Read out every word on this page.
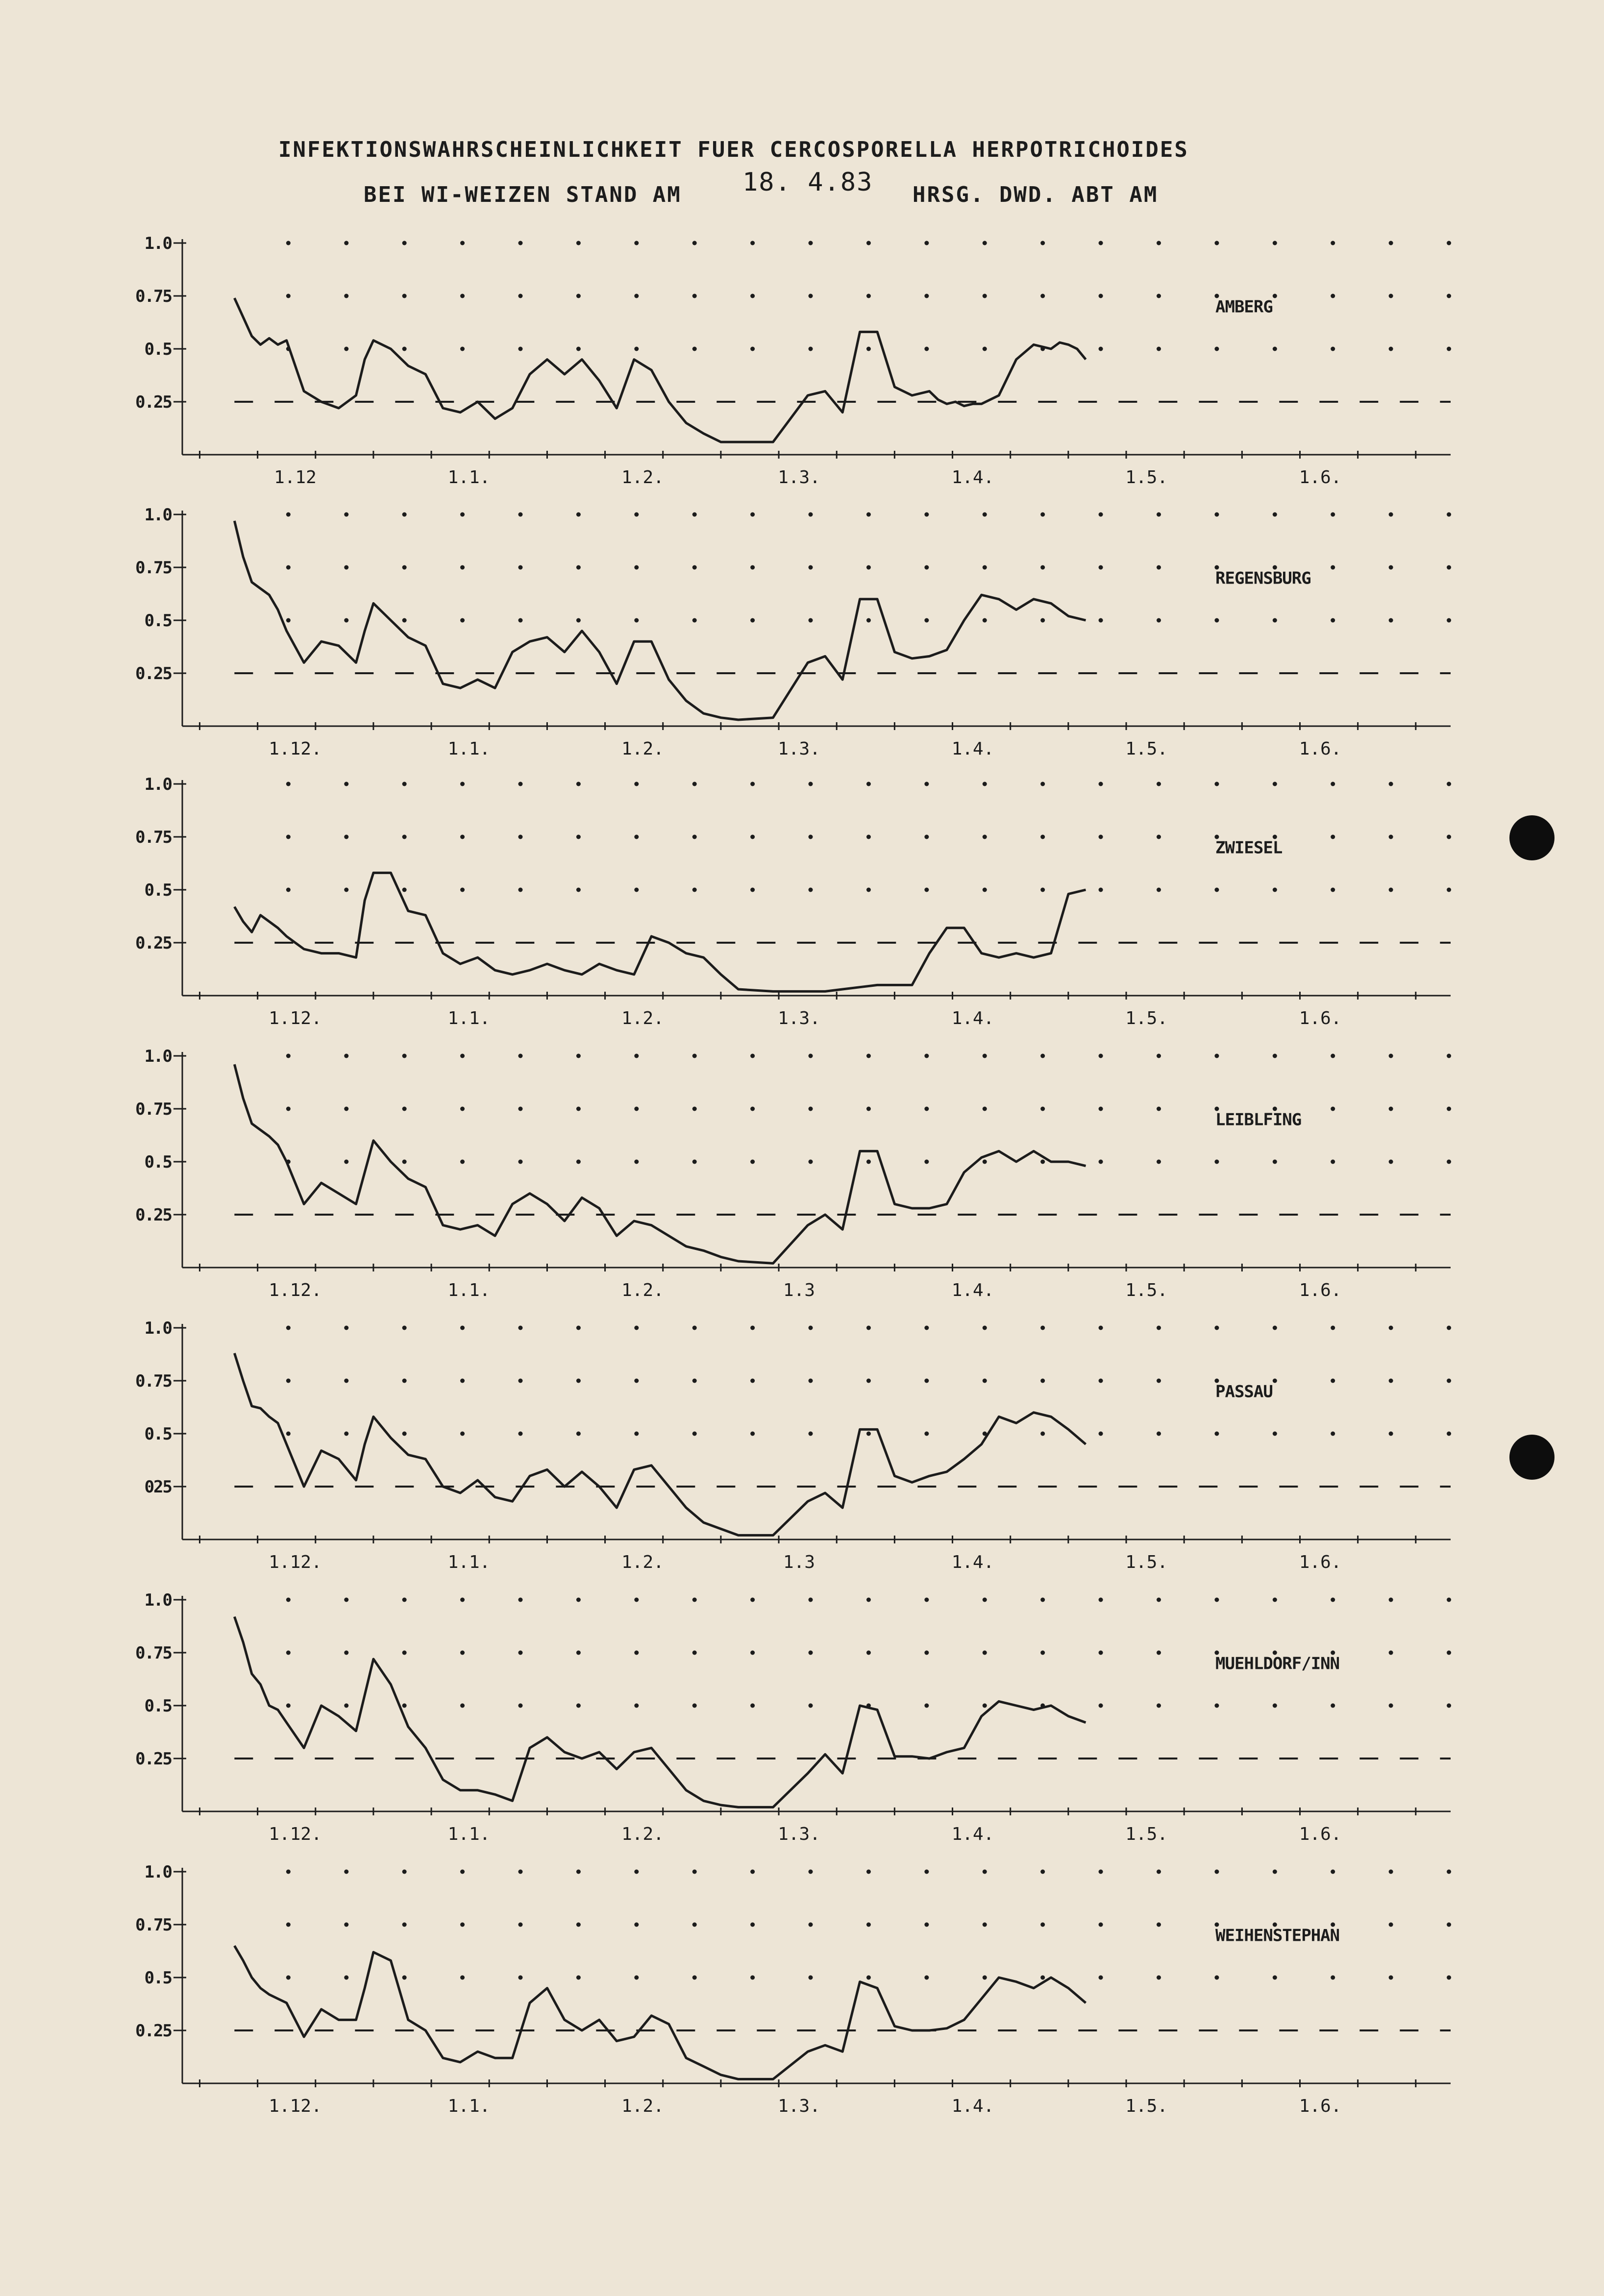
INFEKTIONSWAHRSCHEINLICHKEIT FUER CERCOSPORELLA HERPOTRICHOIDES
BEI WI-WEIZEN STAND AM 18. 4.83 HRSG. DWD. ABT AM
1.0
0.75
0.5
0.25
1.12	1.1.	1.2.	1.3.	1.4.	1.5.	1.6.
AMBERG
1.0
0.75
0.5
0.25
1.12.	1.1.	1.2.	1.3.	1.4.	1.5.	1.6.
REGENSBURG
1.0
0.75
0.5
0.25
1.12.	1.1.	1.2.	1.3.	1.4.	1.5.	1.6.
ZWIESEL
1.0
0.75
0.5
0.25
1.12.	1.1.	1.2.	1.3	1.4.	1.5.	1.6.
LEIBLFING
1.0
0.75
0.5
025
1.12.	1.1.	1.2.	1.3	1.4.	1.5.	1.6.
PASSAU
1.0
0.75
0.5
0.25
1.12.	1.1.	1.2.	1.3.	1.4.	1.5.	1.6.
MUEHLDORF/INN
1.0
0.75
0.5
0.25
1.12.	1.1.	1.2.	1.3.	1.4.	1.5.	1.6.
WEIHENSTEPHAN
